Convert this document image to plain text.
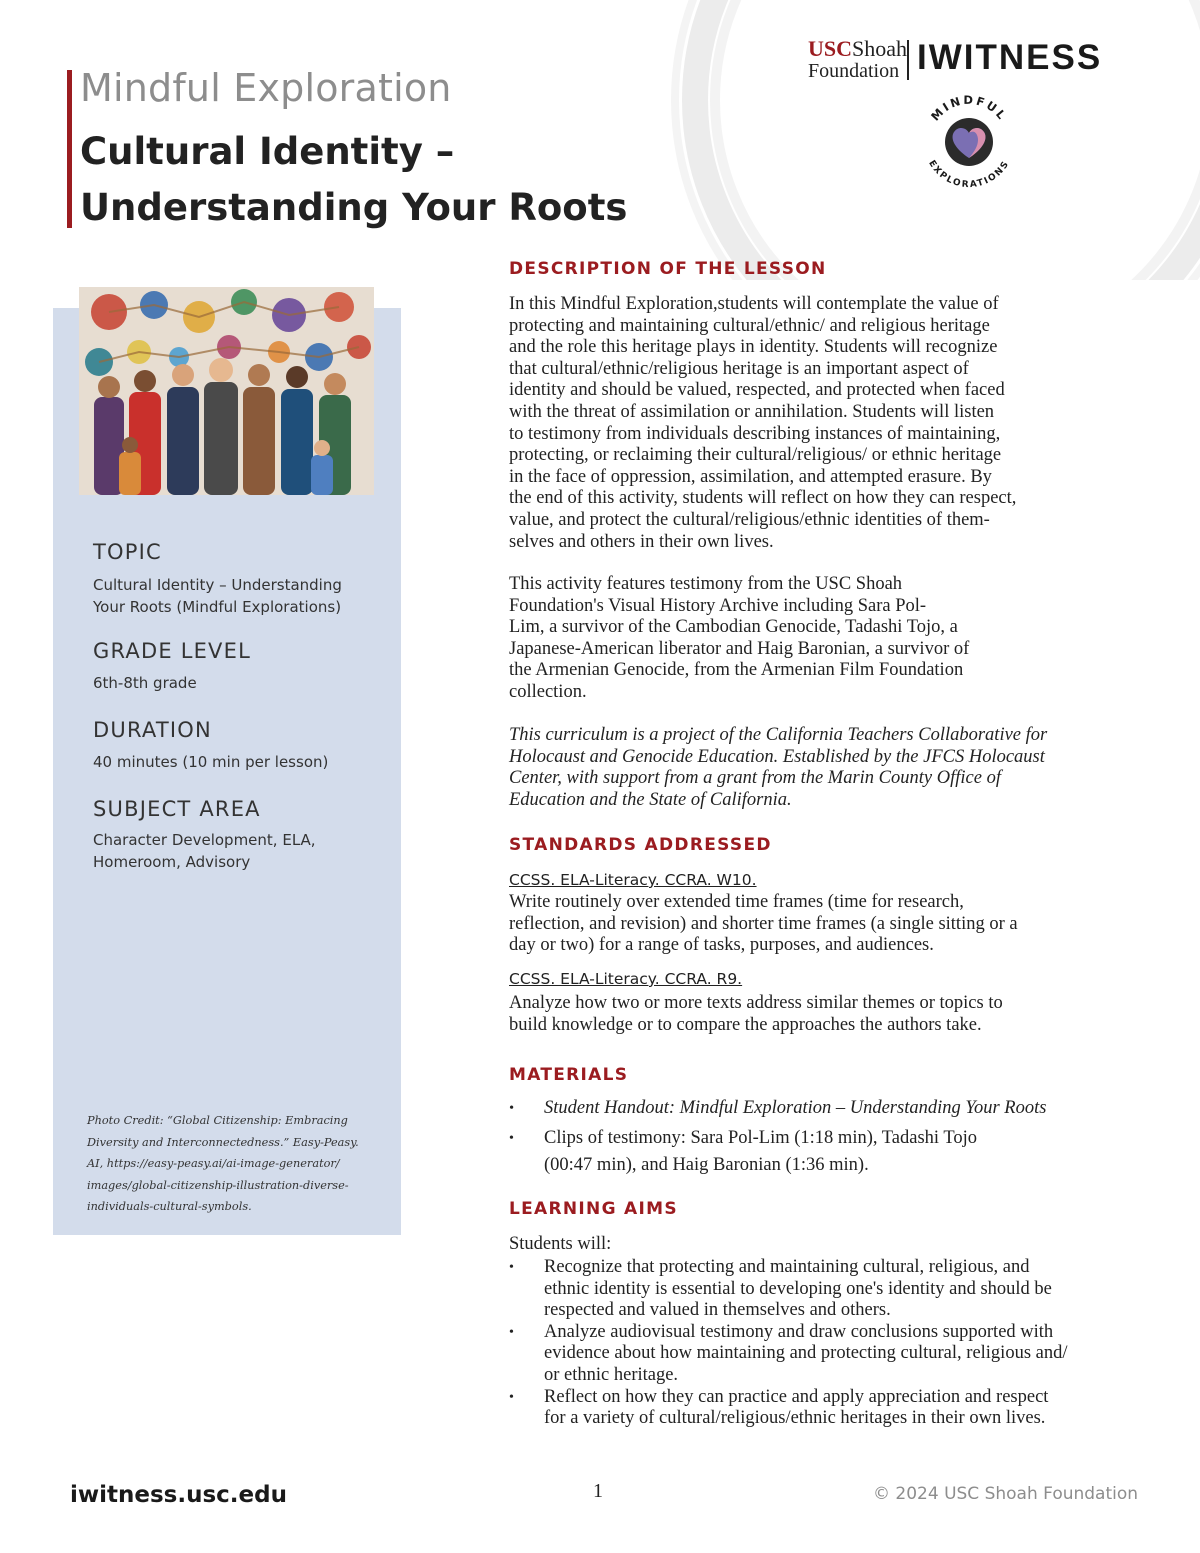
Mindful Exploration
Cultural Identity –
Understanding Your Roots
USCShoah
Foundation IWITNESS
MINDFUL
EXPLORATIONS
TOPIC
Cultural Identity – Understanding
Your Roots (Mindful Explorations)
GRADE LEVEL
6th-8th grade
DURATION
40 minutes (10 min per lesson)
SUBJECT AREA
Character Development, ELA,
Homeroom, Advisory
Photo Credit: “Global Citizenship: Embracing
Diversity and Interconnectedness.” Easy-Peasy.
AI, https://easy-peasy.ai/ai-image-generator/
images/global-citizenship-illustration-diverse-
individuals-cultural-symbols.
DESCRIPTION OF THE LESSON
In this Mindful Exploration,students will contemplate the value of
protecting and maintaining cultural/ethnic/ and religious heritage
and the role this heritage plays in identity. Students will recognize
that cultural/ethnic/religious heritage is an important aspect of
identity and should be valued, respected, and protected when faced
with the threat of assimilation or annihilation. Students will listen
to testimony from individuals describing instances of maintaining,
protecting, or reclaiming their cultural/religious/ or ethnic heritage
in the face of oppression, assimilation, and attempted erasure. By
the end of this activity, students will reflect on how they can respect,
value, and protect the cultural/religious/ethnic identities of them-
selves and others in their own lives.
This activity features testimony from the USC Shoah
Foundation's Visual History Archive including Sara Pol-
Lim, a survivor of the Cambodian Genocide, Tadashi Tojo, a
Japanese-American liberator and Haig Baronian, a survivor of
the Armenian Genocide, from the Armenian Film Foundation
collection.
This curriculum is a project of the California Teachers Collaborative for
Holocaust and Genocide Education. Established by the JFCS Holocaust
Center, with support from a grant from the Marin County Office of
Education and the State of California.
STANDARDS ADDRESSED
CCSS. ELA-Literacy. CCRA. W10.
Write routinely over extended time frames (time for research,
reflection, and revision) and shorter time frames (a single sitting or a
day or two) for a range of tasks, purposes, and audiences.
CCSS. ELA-Literacy. CCRA. R9.
Analyze how two or more texts address similar themes or topics to
build knowledge or to compare the approaches the authors take.
MATERIALS
• Student Handout: Mindful Exploration – Understanding Your Roots
• Clips of testimony: Sara Pol-Lim (1:18 min), Tadashi Tojo
(00:47 min), and Haig Baronian (1:36 min).
LEARNING AIMS
Students will:
• Recognize that protecting and maintaining cultural, religious, and
ethnic identity is essential to developing one's identity and should be
respected and valued in themselves and others.
• Analyze audiovisual testimony and draw conclusions supported with
evidence about how maintaining and protecting cultural, religious and/
or ethnic heritage.
• Reflect on how they can practice and apply appreciation and respect
for a variety of cultural/religious/ethnic heritages in their own lives.
iwitness.usc.edu	1	© 2024 USC Shoah Foundation
